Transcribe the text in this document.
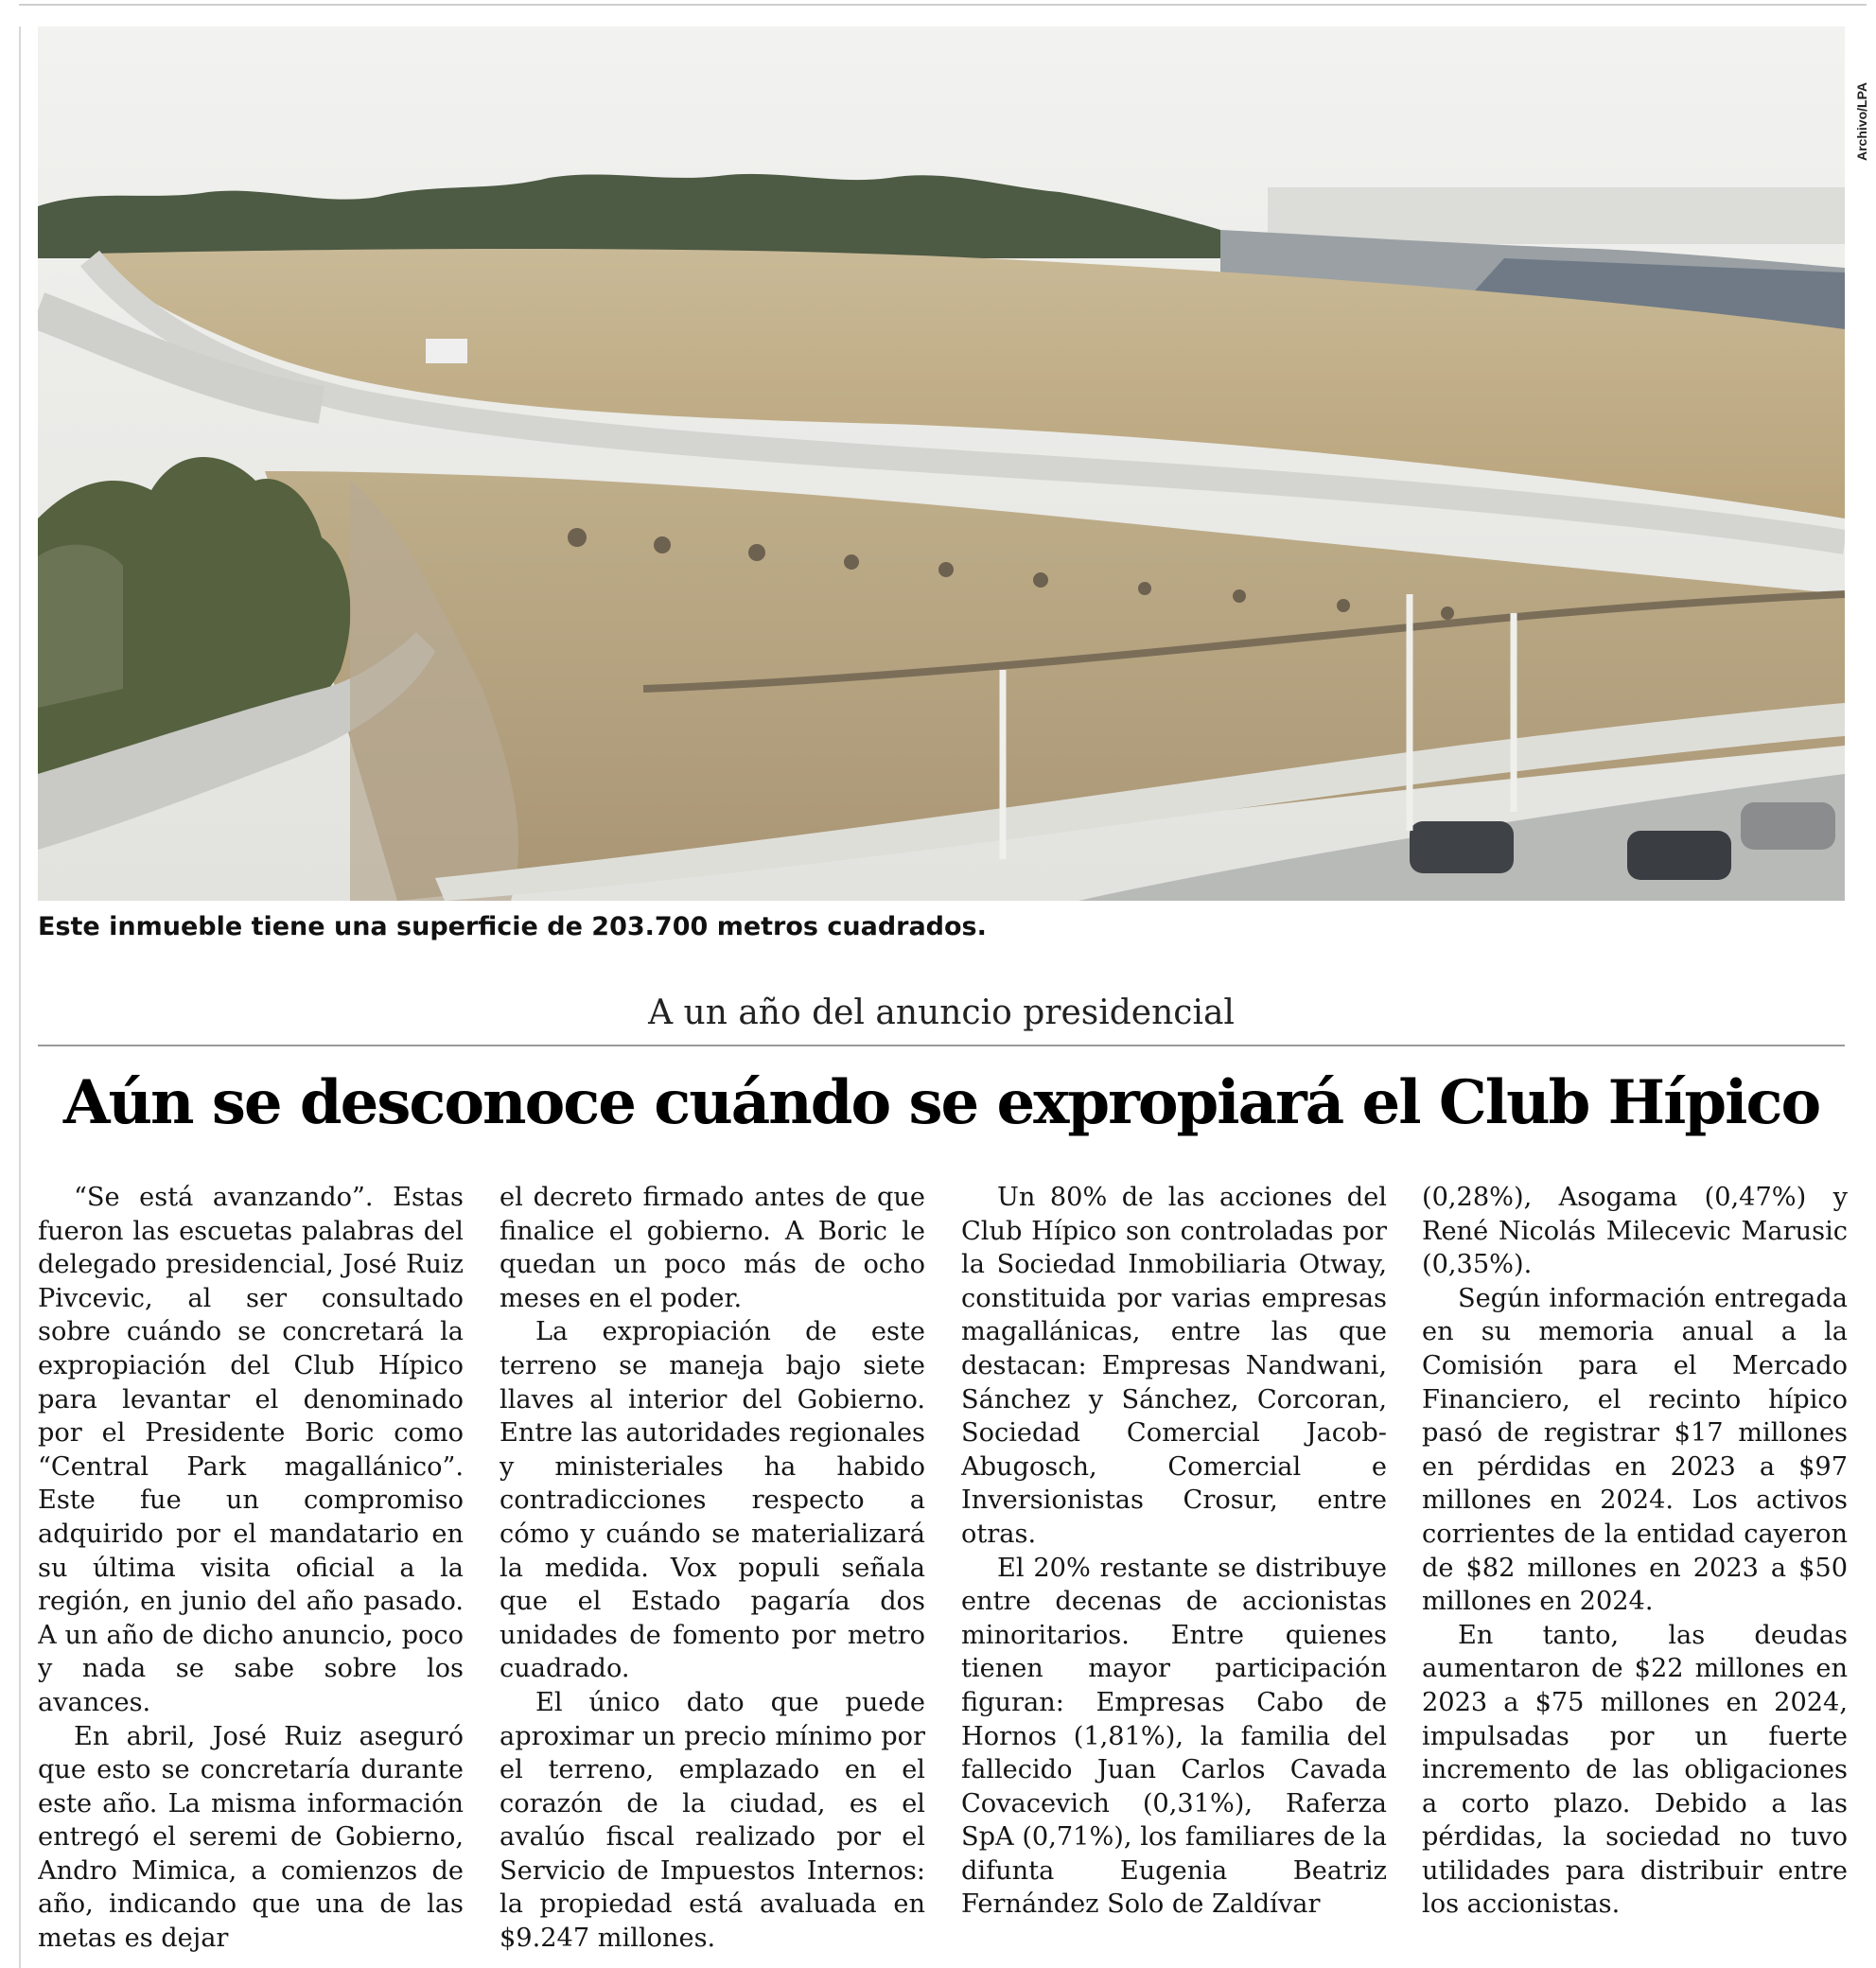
Archivo/LPA
Este inmueble tiene una superficie de 203.700 metros cuadrados.
A un año del anuncio presidencial
Aún se desconoce cuándo se expropiará el Club Hípico

“Se está avanzando”. Estas fueron las escuetas palabras del delegado presidencial, José Ruiz Pivcevic, al ser consultado sobre cuándo se concretará la expropiación del Club Hípico para levantar el denominado por el Presidente Boric como “Central Park magallánico”. Este fue un compromiso adquirido por el mandatario en su última visita oficial a la región, en junio del año pasado. A un año de dicho anuncio, poco y nada se sabe sobre los avances.

En abril, José Ruiz aseguró que esto se concretaría durante este año. La misma información entregó el seremi de Gobierno, Andro Mimica, a comienzos de año, indicando que una de las metas es dejar

el decreto firmado antes de que finalice el gobierno. A Boric le quedan un poco más de ocho meses en el poder.

La expropiación de este terreno se maneja bajo siete llaves al interior del Gobierno. Entre las autoridades regionales y ministeriales ha habido contradicciones respecto a cómo y cuándo se materializará la medida. Vox populi señala que el Estado pagaría dos unidades de fomento por metro cuadrado.

El único dato que puede aproximar un precio mínimo por el terreno, emplazado en el corazón de la ciudad, es el avalúo fiscal realizado por el Servicio de Impuestos Internos: la propiedad está avaluada en $9.247 millones.

Un 80% de las acciones del Club Hípico son controladas por la Sociedad Inmobiliaria Otway, constituida por varias empresas magallánicas, entre las que destacan: Empresas Nandwani, Sánchez y Sánchez, Corcoran, Sociedad Comercial Jacob-Abugosch, Comercial e Inversionistas Crosur, entre otras.

El 20% restante se distribuye entre decenas de accionistas minoritarios. Entre quienes tienen mayor participación figuran: Empresas Cabo de Hornos (1,81%), la familia del fallecido Juan Carlos Cavada Covacevich (0,31%), Raferza SpA (0,71%), los familiares de la difunta Eugenia Beatriz Fernández Solo de Zaldívar

(0,28%), Asogama (0,47%) y René Nicolás Milecevic Marusic (0,35%).

Según información entregada en su memoria anual a la Comisión para el Mercado Financiero, el recinto hípico pasó de registrar $17 millones en pérdidas en 2023 a $97 millones en 2024. Los activos corrientes de la entidad cayeron de $82 millones en 2023 a $50 millones en 2024.

En tanto, las deudas aumentaron de $22 millones en 2023 a $75 millones en 2024, impulsadas por un fuerte incremento de las obligaciones a corto plazo. Debido a las pérdidas, la sociedad no tuvo utilidades para distribuir entre los accionistas.
